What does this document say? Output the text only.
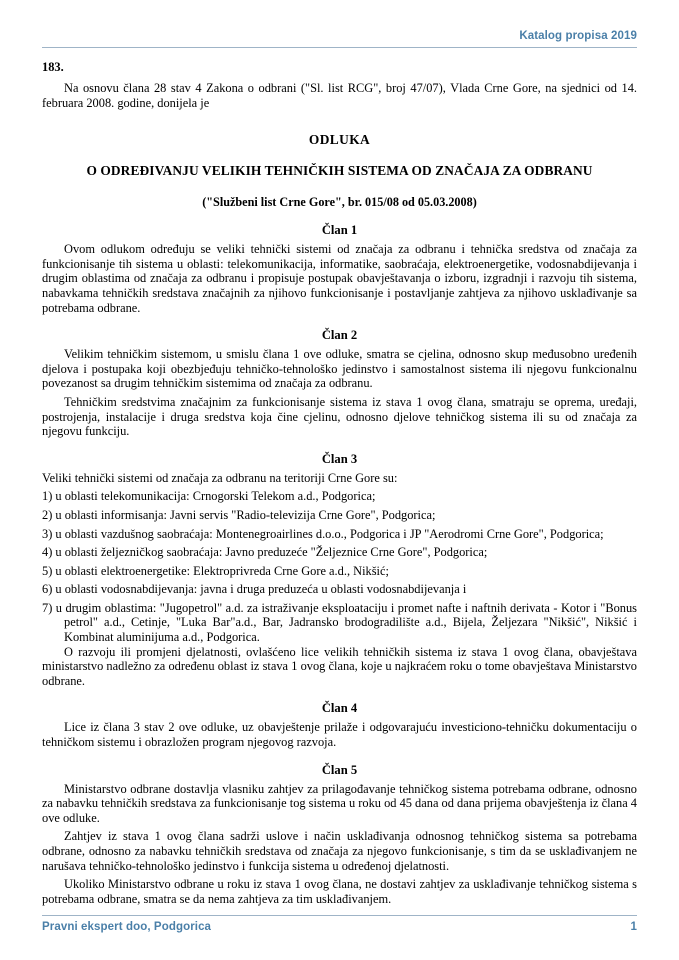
Katalog propisa 2019
183.

Na osnovu člana 28 stav 4 Zakona o odbrani ("Sl. list RCG", broj 47/07), Vlada Crne Gore, na sjednici od 14. februara 2008. godine, donijela je

ODLUKA
O ODREĐIVANJU VELIKIH TEHNIČKIH SISTEMA OD ZNAČAJA ZA ODBRANU
("Službeni list Crne Gore", br. 015/08 od 05.03.2008)
Član 1

Ovom odlukom određuju se veliki tehnički sistemi od značaja za odbranu i tehnička sredstva od značaja za funkcionisanje tih sistema u oblasti: telekomunikacija, informatike, saobraćaja, elektroenergetike, vodosnabdijevanja i drugim oblastima od značaja za odbranu i propisuje postupak obavještavanja o izboru, izgradnji i razvoju tih sistema, nabavkama tehničkih sredstava značajnih za njihovo funkcionisanje i postavljanje zahtjeva za njihovo usklađivanje sa potrebama odbrane.

Član 2

Velikim tehničkim sistemom, u smislu člana 1 ove odluke, smatra se cjelina, odnosno skup međusobno uređenih djelova i postupaka koji obezbjeđuju tehničko-tehnološko jedinstvo i samostalnost sistema ili njegovu funkcionalnu povezanost sa drugim tehničkim sistemima od značaja za odbranu.

Tehničkim sredstvima značajnim za funkcionisanje sistema iz stava 1 ovog člana, smatraju se oprema, uređaji, postrojenja, instalacije i druga sredstva koja čine cjelinu, odnosno djelove tehničkog sistema ili su od značaja za njegovu funkciju.

Član 3

Veliki tehnički sistemi od značaja za odbranu na teritoriji Crne Gore su:

1) u oblasti telekomunikacija: Crnogorski Telekom a.d., Podgorica;
2) u oblasti informisanja: Javni servis "Radio-televizija Crne Gore", Podgorica;
3) u oblasti vazdušnog saobraćaja: Montenegroairlines d.o.o., Podgorica i JP "Aerodromi Crne Gore", Podgorica;
4) u oblasti željezničkog saobraćaja: Javno preduzeće "Željeznice Crne Gore", Podgorica;
5) u oblasti elektroenergetike: Elektroprivreda Crne Gore a.d., Nikšić;
6) u oblasti vodosnabdijevanja: javna i druga preduzeća u oblasti vodosnabdijevanja i
7) u drugim oblastima: "Jugopetrol" a.d. za istraživanje eksploataciju i promet nafte i naftnih derivata - Kotor i "Bonus petrol" a.d., Cetinje, "Luka Bar"a.d., Bar, Jadransko brodogradilište a.d., Bijela, Željezara "Nikšić", Nikšić i Kombinat aluminijuma a.d., Podgorica.

O razvoju ili promjeni djelatnosti, ovlašćeno lice velikih tehničkih sistema iz stava 1 ovog člana, obavještava ministarstvo nadležno za određenu oblast iz stava 1 ovog člana, koje u najkraćem roku o tome obavještava Ministarstvo odbrane.

Član 4

Lice iz člana 3 stav 2 ove odluke, uz obavještenje prilaže i odgovarajuću investiciono-tehničku dokumentaciju o tehničkom sistemu i obrazložen program njegovog razvoja.

Član 5

Ministarstvo odbrane dostavlja vlasniku zahtjev za prilagođavanje tehničkog sistema potrebama odbrane, odnosno za nabavku tehničkih sredstava za funkcionisanje tog sistema u roku od 45 dana od dana prijema obavještenja iz člana 4 ove odluke.

Zahtjev iz stava 1 ovog člana sadrži uslove i način usklađivanja odnosnog tehničkog sistema sa potrebama odbrane, odnosno za nabavku tehničkih sredstava od značaja za njegovo funkcionisanje, s tim da se usklađivanjem ne narušava tehničko-tehnološko jedinstvo i funkcija sistema u određenoj djelatnosti.

Ukoliko Ministarstvo odbrane u roku iz stava 1 ovog člana, ne dostavi zahtjev za usklađivanje tehničkog sistema s potrebama odbrane, smatra se da nema zahtjeva za tim usklađivanjem.

Pravni ekspert doo, Podgorica	1
